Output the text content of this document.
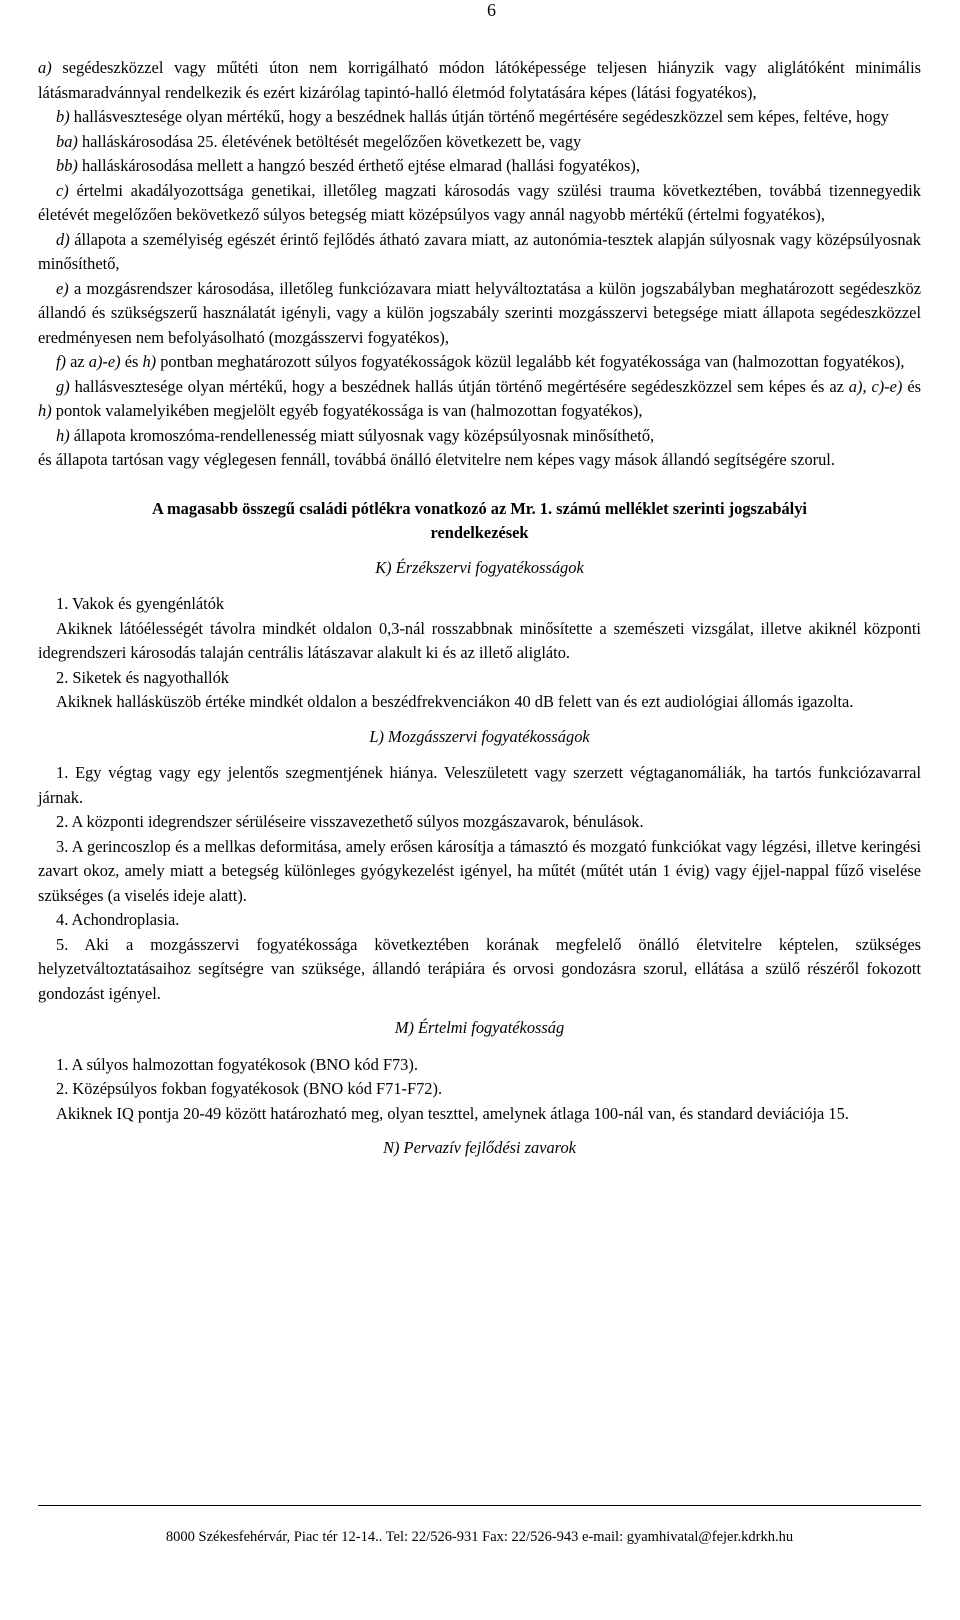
6

a) segédeszközzel vagy műtéti úton nem korrigálható módon látóképessége teljesen hiányzik vagy aliglátóként minimális látásmaradvánnyal rendelkezik és ezért kizárólag tapintó-halló életmód folytatására képes (látási fogyatékos),

b) hallásvesztesége olyan mértékű, hogy a beszédnek hallás útján történő megértésére segédeszközzel sem képes, feltéve, hogy

ba) halláskárosodása 25. életévének betöltését megelőzően következett be, vagy

bb) halláskárosodása mellett a hangzó beszéd érthető ejtése elmarad (hallási fogyatékos),

c) értelmi akadályozottsága genetikai, illetőleg magzati károsodás vagy szülési trauma következtében, továbbá tizennegyedik életévét megelőzően bekövetkező súlyos betegség miatt középsúlyos vagy annál nagyobb mértékű (értelmi fogyatékos),

d) állapota a személyiség egészét érintő fejlődés átható zavara miatt, az autonómia-tesztek alapján súlyosnak vagy középsúlyosnak minősíthető,

e) a mozgásrendszer károsodása, illetőleg funkciózavara miatt helyváltoztatása a külön jogszabályban meghatározott segédeszköz állandó és szükségszerű használatát igényli, vagy a külön jogszabály szerinti mozgásszervi betegsége miatt állapota segédeszközzel eredményesen nem befolyásolható (mozgásszervi fogyatékos),

f) az a)-e) és h) pontban meghatározott súlyos fogyatékosságok közül legalább két fogyatékossága van (halmozottan fogyatékos),

g) hallásvesztesége olyan mértékű, hogy a beszédnek hallás útján történő megértésére segédeszközzel sem képes és az a), c)-e) és h) pontok valamelyikében megjelölt egyéb fogyatékossága is van (halmozottan fogyatékos),

h) állapota kromoszóma-rendellenesség miatt súlyosnak vagy középsúlyosnak minősíthető,

és állapota tartósan vagy véglegesen fennáll, továbbá önálló életvitelre nem képes vagy mások állandó segítségére szorul.

A magasabb összegű családi pótlékra vonatkozó az Mr. 1. számú melléklet szerinti jogszabályi
rendelkezések
K) Érzékszervi fogyatékosságok

1. Vakok és gyengénlátók

Akiknek látóélességét távolra mindkét oldalon 0,3-nál rosszabbnak minősítette a szemészeti vizsgálat, illetve akiknél központi idegrendszeri károsodás talaján centrális látászavar alakult ki és az illető aligláto.

2. Siketek és nagyothallók

Akiknek hallásküszöb értéke mindkét oldalon a beszédfrekvenciákon 40 dB felett van és ezt audiológiai állomás igazolta.

L) Mozgásszervi fogyatékosságok

1. Egy végtag vagy egy jelentős szegmentjének hiánya. Veleszületett vagy szerzett végtaganomáliák, ha tartós funkciózavarral járnak.

2. A központi idegrendszer sérüléseire visszavezethető súlyos mozgászavarok, bénulások.

3. A gerincoszlop és a mellkas deformitása, amely erősen károsítja a támasztó és mozgató funkciókat vagy légzési, illetve keringési zavart okoz, amely miatt a betegség különleges gyógykezelést igényel, ha műtét (műtét után 1 évig) vagy éjjel-nappal fűző viselése szükséges (a viselés ideje alatt).

4. Achondroplasia.

5. Aki a mozgásszervi fogyatékossága következtében korának megfelelő önálló életvitelre képtelen, szükséges helyzetváltoztatásaihoz segítségre van szüksége, állandó terápiára és orvosi gondozásra szorul, ellátása a szülő részéről fokozott gondozást igényel.

M) Értelmi fogyatékosság

1. A súlyos halmozottan fogyatékosok (BNO kód F73).

2. Középsúlyos fokban fogyatékosok (BNO kód F71-F72).

Akiknek IQ pontja 20-49 között határozható meg, olyan teszttel, amelynek átlaga 100-nál van, és standard deviációja 15.

N) Pervazív fejlődési zavarok
8000 Székesfehérvár, Piac tér 12-14.. Tel: 22/526-931 Fax: 22/526-943 e-mail: gyamhivatal@fejer.kdrkh.hu
